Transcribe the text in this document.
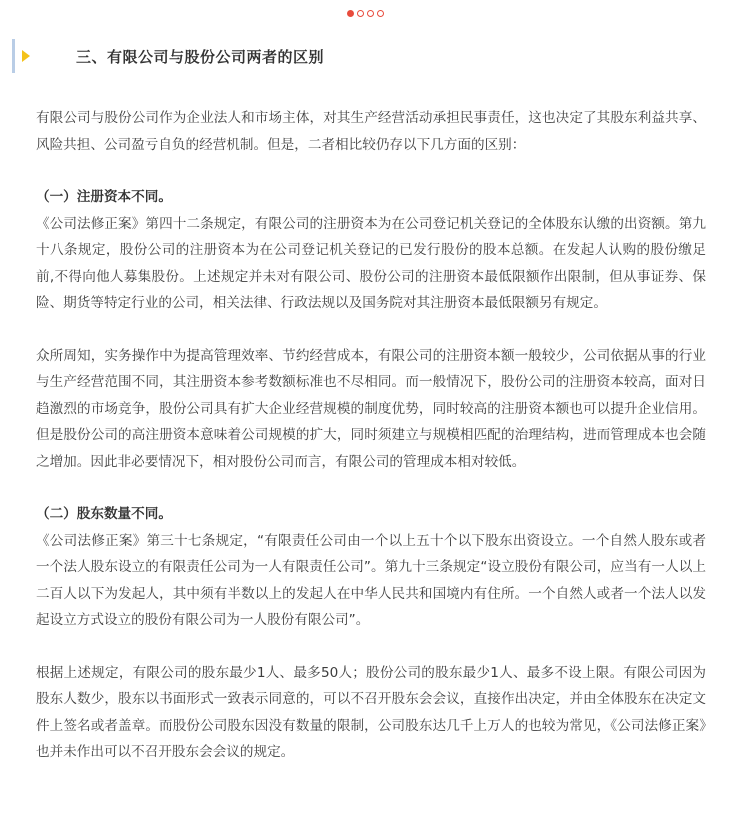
三、有限公司与股份公司两者的区别

有限公司与股份公司作为企业法人和市场主体，对其生产经营活动承担民事责任，这也决定了其股东利益共享、风险共担、公司盈亏自负的经营机制。但是，二者相比较仍存以下几方面的区别：

（一）注册资本不同。

《公司法修正案》第四十二条规定，有限公司的注册资本为在公司登记机关登记的全体股东认缴的出资额。第九十八条规定，股份公司的注册资本为在公司登记机关登记的已发行股份的股本总额。在发起人认购的股份缴足前,不得向他人募集股份。上述规定并未对有限公司、股份公司的注册资本最低限额作出限制，但从事证券、保险、期货等特定行业的公司，相关法律、行政法规以及国务院对其注册资本最低限额另有规定。

众所周知，实务操作中为提高管理效率、节约经营成本，有限公司的注册资本额一般较少，公司依据从事的行业与生产经营范围不同，其注册资本参考数额标准也不尽相同。而一般情况下，股份公司的注册资本较高，面对日趋激烈的市场竞争，股份公司具有扩大企业经营规模的制度优势，同时较高的注册资本额也可以提升企业信用。但是股份公司的高注册资本意味着公司规模的扩大，同时须建立与规模相匹配的治理结构，进而管理成本也会随之增加。因此非必要情况下，相对股份公司而言，有限公司的管理成本相对较低。

（二）股东数量不同。

《公司法修正案》第三十七条规定，“有限责任公司由一个以上五十个以下股东出资设立。一个自然人股东或者一个法人股东设立的有限责任公司为一人有限责任公司”。第九十三条规定“设立股份有限公司，应当有一人以上二百人以下为发起人，其中须有半数以上的发起人在中华人民共和国境内有住所。一个自然人或者一个法人以发起设立方式设立的股份有限公司为一人股份有限公司”。

根据上述规定，有限公司的股东最少1人、最多50人；股份公司的股东最少1人、最多不设上限。有限公司因为股东人数少，股东以书面形式一致表示同意的，可以不召开股东会会议，直接作出决定，并由全体股东在决定文件上签名或者盖章。而股份公司股东因没有数量的限制，公司股东达几千上万人的也较为常见，《公司法修正案》也并未作出可以不召开股东会会议的规定。
